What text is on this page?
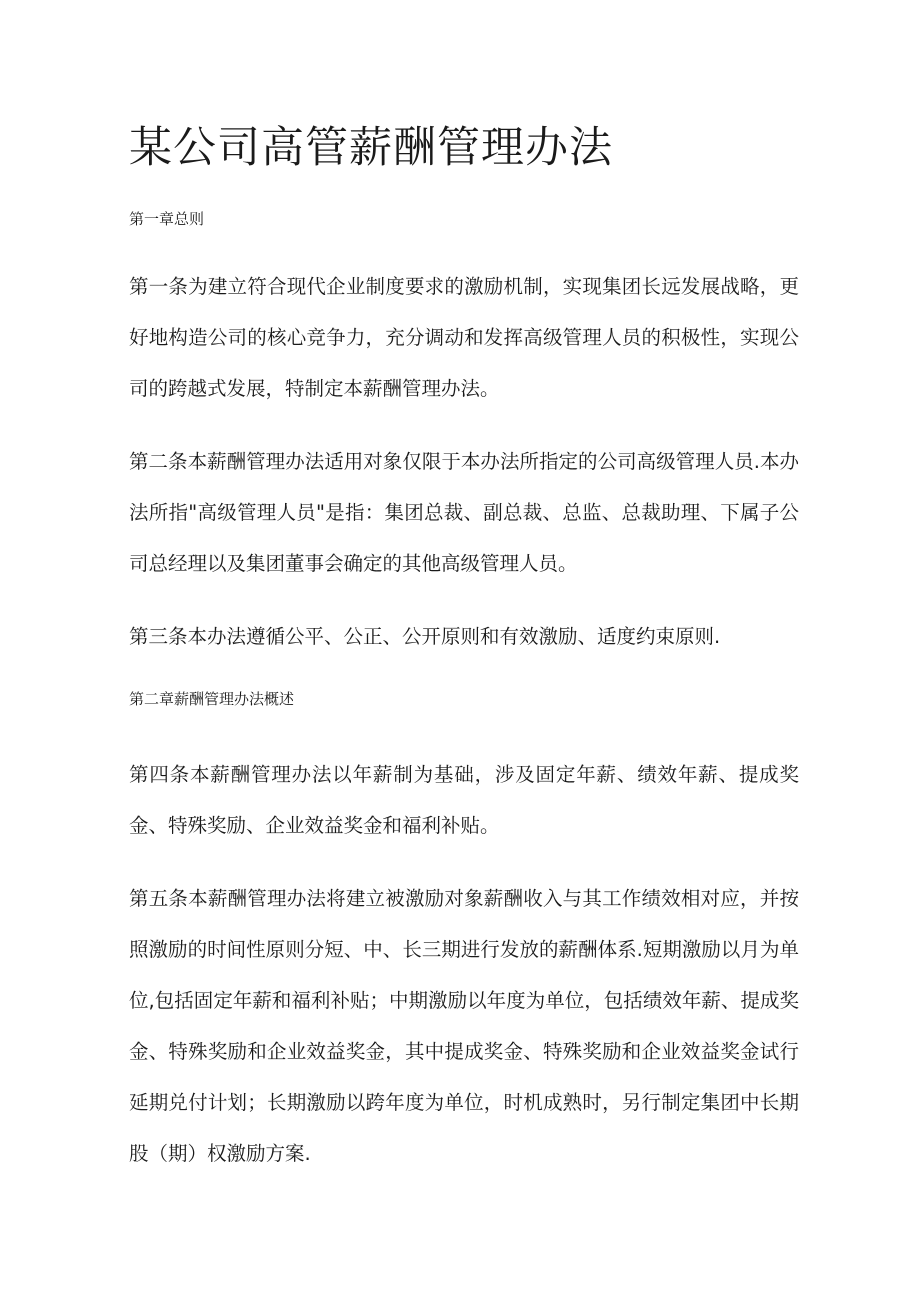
某公司高管薪酬管理办法

第一章总则

第一条为建立符合现代企业制度要求的激励机制，实现集团长远发展战略，更好地构造公司的核心竞争力，充分调动和发挥高级管理人员的积极性，实现公司的跨越式发展，特制定本薪酬管理办法。

第二条本薪酬管理办法适用对象仅限于本办法所指定的公司高级管理人员.本办法所指"高级管理人员"是指：集团总裁、副总裁、总监、总裁助理、下属子公司总经理以及集团董事会确定的其他高级管理人员。

第三条本办法遵循公平、公正、公开原则和有效激励、适度约束原则.

第二章薪酬管理办法概述

第四条本薪酬管理办法以年薪制为基础，涉及固定年薪、绩效年薪、提成奖金、特殊奖励、企业效益奖金和福利补贴。

第五条本薪酬管理办法将建立被激励对象薪酬收入与其工作绩效相对应，并按照激励的时间性原则分短、中、长三期进行发放的薪酬体系.短期激励以月为单位,包括固定年薪和福利补贴；中期激励以年度为单位，包括绩效年薪、提成奖金、特殊奖励和企业效益奖金，其中提成奖金、特殊奖励和企业效益奖金试行延期兑付计划；长期激励以跨年度为单位，时机成熟时，另行制定集团中长期股（期）权激励方案.
